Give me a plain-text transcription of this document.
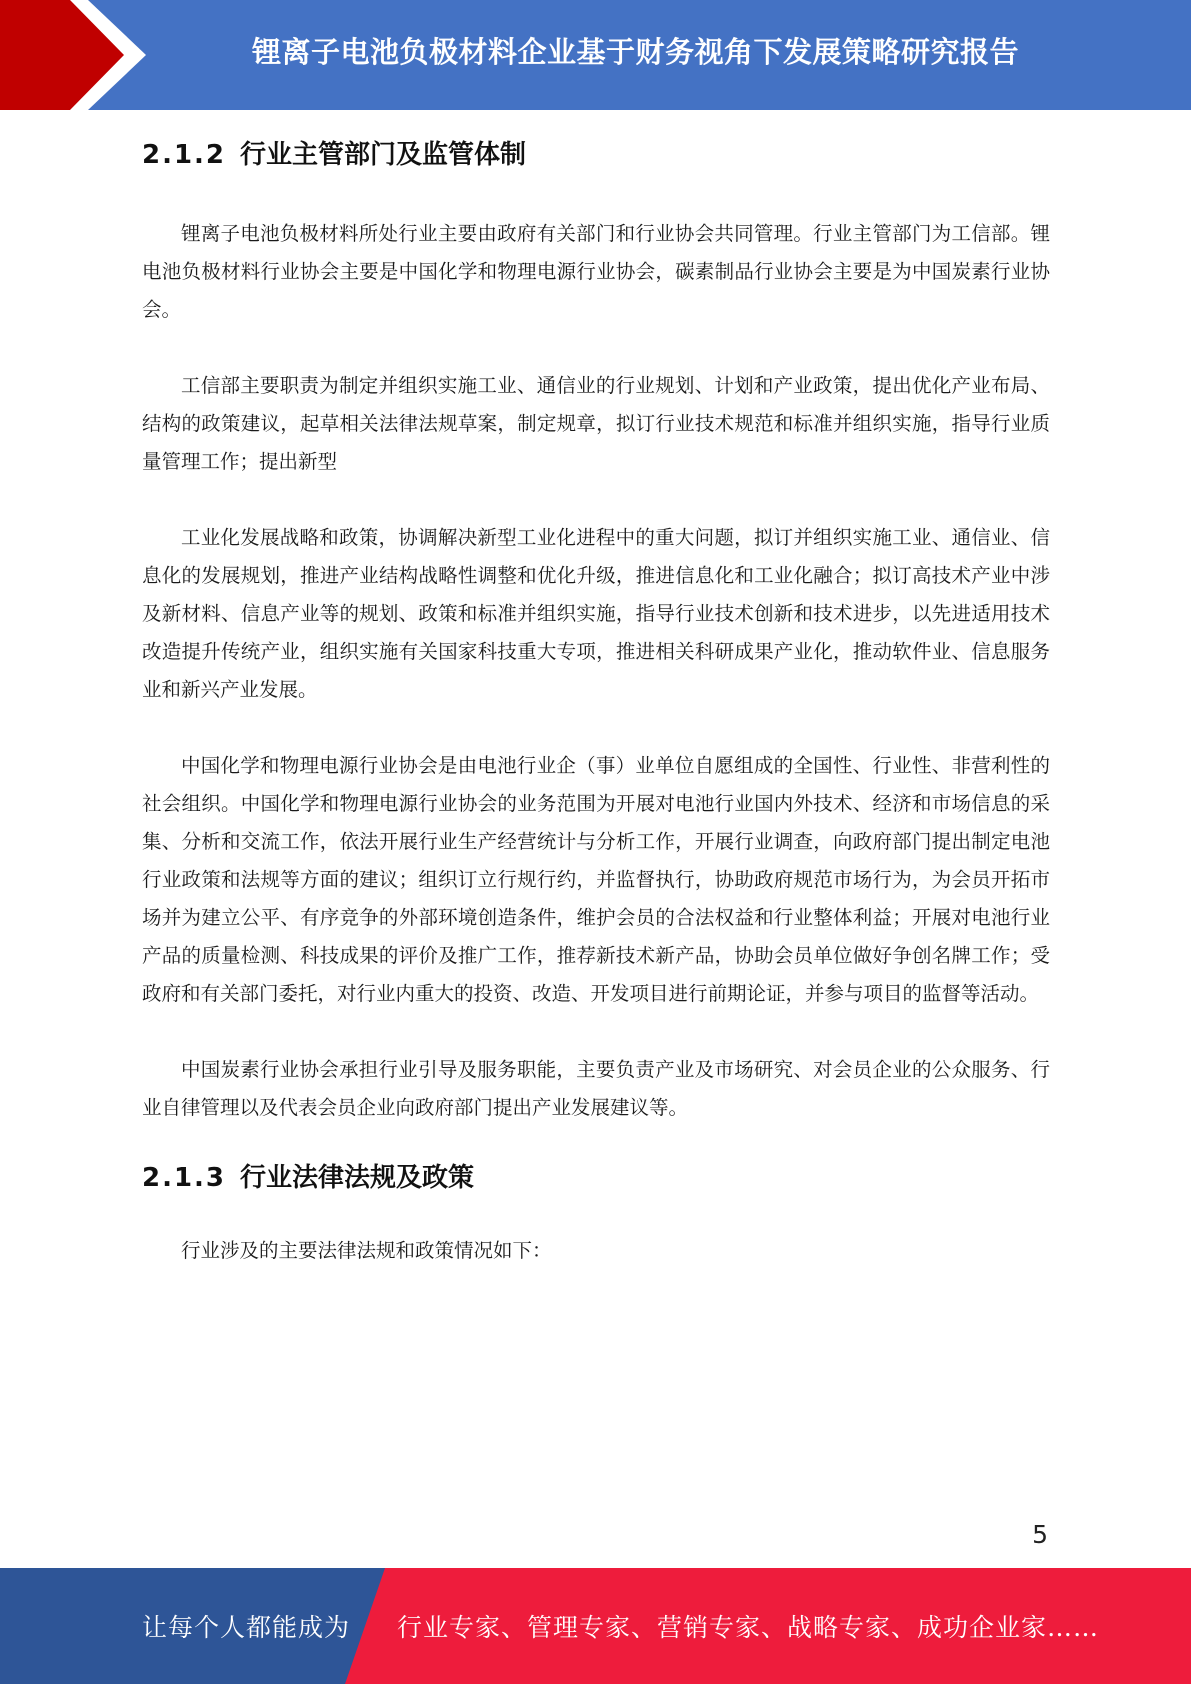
锂离子电池负极材料企业基于财务视角下发展策略研究报告
2.1.2 行业主管部门及监管体制

锂离子电池负极材料所处行业主要由政府有关部门和行业协会共同管理。行业主管部门为工信部。锂电池负极材料行业协会主要是中国化学和物理电源行业协会，碳素制品行业协会主要是为中国炭素行业协会。

工信部主要职责为制定并组织实施工业、通信业的行业规划、计划和产业政策，提出优化产业布局、结构的政策建议，起草相关法律法规草案，制定规章，拟订行业技术规范和标准并组织实施，指导行业质量管理工作；提出新型

工业化发展战略和政策，协调解决新型工业化进程中的重大问题，拟订并组织实施工业、通信业、信息化的发展规划，推进产业结构战略性调整和优化升级，推进信息化和工业化融合；拟订高技术产业中涉及新材料、信息产业等的规划、政策和标准并组织实施，指导行业技术创新和技术进步，以先进适用技术改造提升传统产业，组织实施有关国家科技重大专项，推进相关科研成果产业化，推动软件业、信息服务业和新兴产业发展。

中国化学和物理电源行业协会是由电池行业企（事）业单位自愿组成的全国性、行业性、非营利性的社会组织。中国化学和物理电源行业协会的业务范围为开展对电池行业国内外技术、经济和市场信息的采集、分析和交流工作，依法开展行业生产经营统计与分析工作，开展行业调查，向政府部门提出制定电池行业政策和法规等方面的建议；组织订立行规行约，并监督执行，协助政府规范市场行为，为会员开拓市场并为建立公平、有序竞争的外部环境创造条件，维护会员的合法权益和行业整体利益；开展对电池行业产品的质量检测、科技成果的评价及推广工作，推荐新技术新产品，协助会员单位做好争创名牌工作；受政府和有关部门委托，对行业内重大的投资、改造、开发项目进行前期论证，并参与项目的监督等活动。

中国炭素行业协会承担行业引导及服务职能，主要负责产业及市场研究、对会员企业的公众服务、行业自律管理以及代表会员企业向政府部门提出产业发展建议等。

2.1.3 行业法律法规及政策

行业涉及的主要法律法规和政策情况如下：

5
让每个人都能成为 行业专家、管理专家、营销专家、战略专家、成功企业家……
